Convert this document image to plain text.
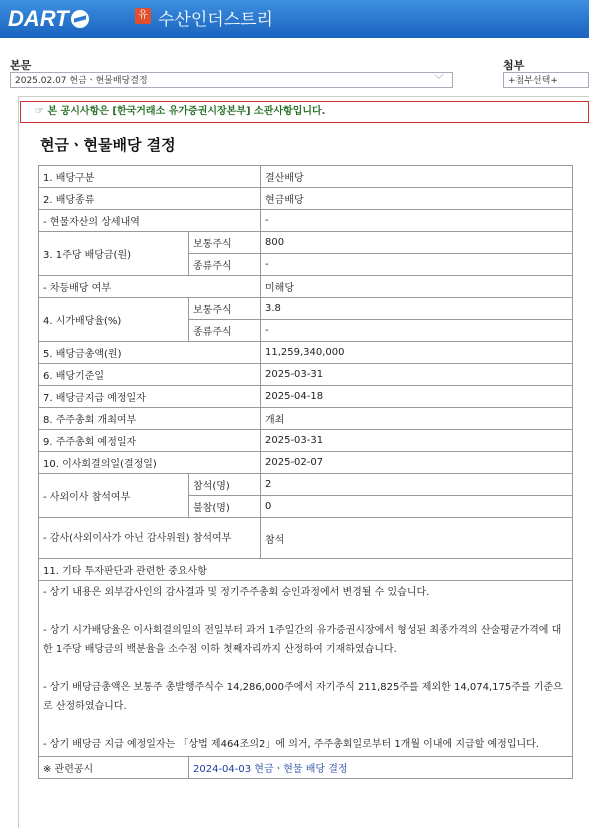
DART	유 수산인더스트리
본문
2025.02.07 현금ㆍ현물배당결정	﹀
첨부
+첨부선택+
☞ 본 공시사항은 [한국거래소 유가증권시장본부] 소관사항입니다.
현금ㆍ현물배당 결정
1. 배당구분		결산배당
2. 배당종류		현금배당
- 현물자산의 상세내역		-
3. 1주당 배당금(원)	보통주식	800
	종류주식	-
- 차등배당 여부		미해당
4. 시가배당율(%)	보통주식	3.8
	종류주식	-
5. 배당금총액(원)		11,259,340,000
6. 배당기준일		2025-03-31
7. 배당금지급 예정일자		2025-04-18
8. 주주총회 개최여부		개최
9. 주주총회 예정일자		2025-03-31
10. 이사회결의일(결정일)		2025-02-07
- 사외이사 참석여부	참석(명)	2
	불참(명)	0
- 감사(사외이사가 아닌 감사위원) 참석여부		참석
11. 기타 투자판단과 관련한 중요사항		

- 상기 내용은 외부감사인의 감사결과 및 정기주주총회 승인과정에서 변경될 수 있습니다.

- 상기 시가배당율은 이사회결의일의 전일부터 과거 1주일간의 유가증권시장에서 형성된 최종가격의 산술평균가격에 대한 1주당 배당금의 백분율을 소수점 이하 첫째자리까지 산정하여 기재하였습니다.

- 상기 배당금총액은 보통주 총발행주식수 14,286,000주에서 자기주식 211,825주를 제외한 14,074,175주를 기준으로 산정하였습니다.

- 상기 배당금 지급 예정일자는 「상법 제464조의2」에 의거, 주주총회일로부터 1개월 이내에 지급할 예정입니다.		

※ 관련공시	2024-04-03 현금ㆍ현물 배당 결정	
